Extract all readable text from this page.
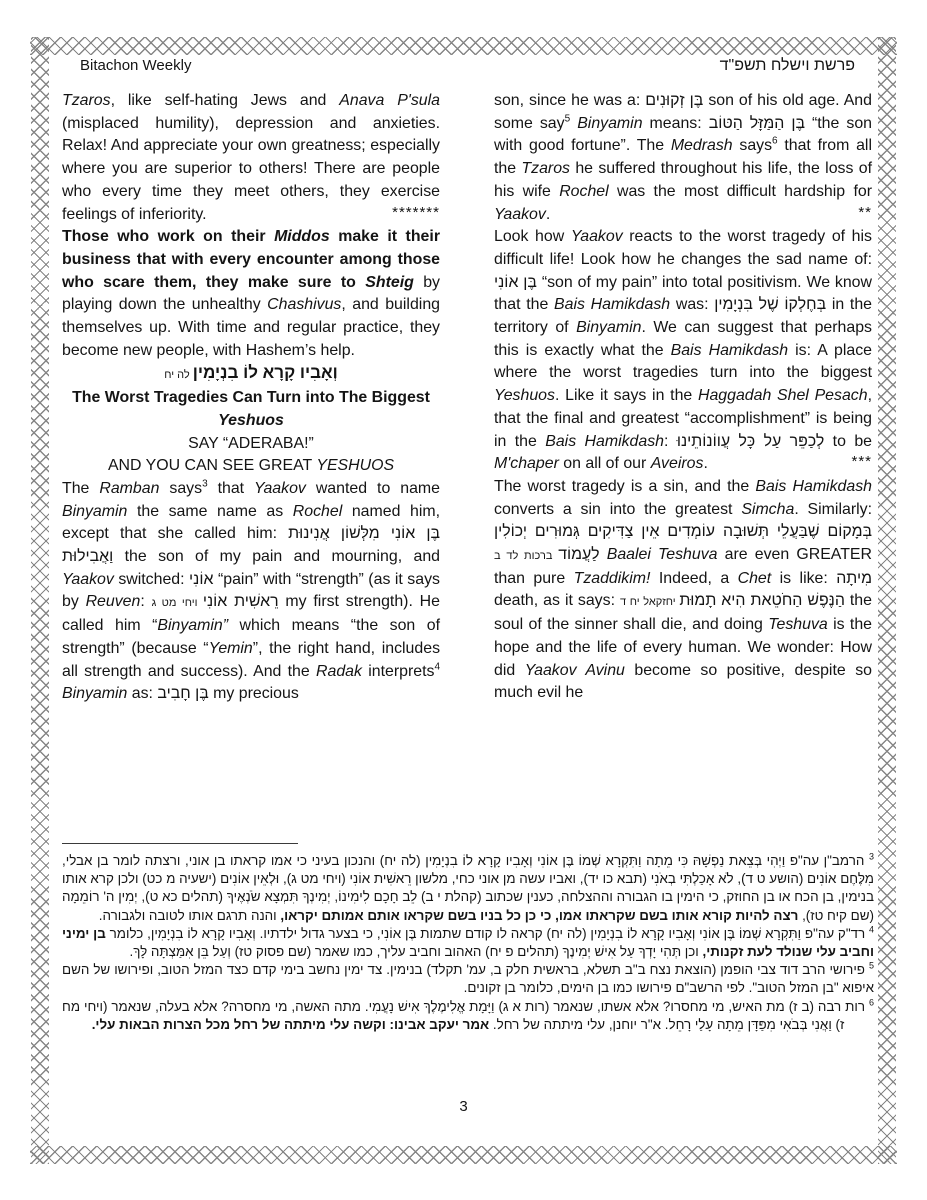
Bitachon Weekly	פרשת וישלח תשפ"ד

Tzaros, like self-hating Jews and Anava P'sula (misplaced humility), depression and anxieties. Relax! And appreciate your own greatness; especially where you are superior to others! There are people who every time they meet others, they exercise feelings of inferiority.	*******

Those who work on their Middos make it their business that with every encounter among those who scare them, they make sure to Shteig by playing down the unhealthy Chashivus, and building themselves up. With time and regular practice, they become new people, with Hashem’s help.

וְאָבִיו קָרָא לוֹ בִנְיָמִין לה יח

The Worst Tragedies Can Turn into The Biggest Yeshuos

SAY “ADERABA!”

AND YOU CAN SEE GREAT YESHUOS

The Ramban says$^3$ that Yaakov wanted to name Binyamin the same name as Rochel named him, except that she called him: בֶּן אוֹנִי מִלְּשׁוֹן אֲנִינוּת וַאֲבִילוּת the son of my pain and mourning, and Yaakov switched: אוֹנִי “pain” with “strength” (as it says by Reuven:	רֵאשִׁית אוֹנִי ויחי מט ג	my first strength). He called him “Binyamin” which means “the son of strength” (because “Yemin”, the right hand, includes all strength and success). And the Radak interprets$^4$ Binyamin as: בֶּן חָבִיב my precious

son, since he was a: בֶּן זְקוּנִים son of his old age. And some say$^5$ Binyamin means: בֶּן הַמַּזָּל הַטּוֹב “the son with good fortune”. The Medrash says$^6$ that from all the Tzaros he suffered throughout his life, the loss of his wife Rochel was the most difficult hardship for Yaakov.	**

Look how Yaakov reacts to the worst tragedy of his difficult life! Look how he changes the sad name of: בֶּן אוֹנִי “son of my pain” into total positivism. We know that the Bais Hamikdash was: בְּחֶלְקוֹ שֶׁל בִּנְיָמִין in the territory of Binyamin. We can suggest that perhaps this is exactly what the Bais Hamikdash is: A place where the worst tragedies turn into the biggest Yeshuos. Like it says in the Haggadah Shel Pesach, that the final and greatest “accomplishment” is being in the Bais Hamikdash: לְכַפֵּר עַל כָּל עֲווֹנוֹתֵינוּ to be M'chaper on all of our Aveiros.	***

The worst tragedy is a sin, and the Bais Hamikdash converts a sin into the greatest Simcha. Similarly: בְּמָקוֹם שֶׁבַּעֲלֵי תְּשׁוּבָה עוֹמְדִים אֵין צַדִּיקִים גְּמוּרִים יְכוֹלִין לַעֲמוֹד ברכות לד ב	Baalei Teshuva are even GREATER than pure Tzaddikim! Indeed, a Chet is like: מִיתָה death, as it says:	הַנֶּפֶשׁ הַחֹטֵאת הִיא תָמוּת יחזקאל יח ד	the soul of the sinner shall die, and doing Teshuva is the hope and the life of every human. We wonder: How did Yaakov Avinu become so positive, despite so much evil he

$^3$ הרמב"ן עה"פ וַיְהִי בְּצֵאת נַפְשָׁהּ כִּי מֵתָה וַתִּקְרָא שְׁמוֹ בֶּן אוֹנִי וְאָבִיו קָרָא לוֹ בִנְיָמִין (לה יח) והנכון בעיני כי אמו קראתו בן אוני, ורצתה לומר בן אבלי, מִלֶּחֶם אוֹנִים (הושע ט ד), לֹא אָכַלְתִּי בְאֹנִי (תבא כו יד), ואביו עשה מן אוני כחי, מלשון רֵאשִׁית אוֹנִי (ויחי מט ג), וּלְאֵין אוֹנִים (ישעיה מ כט) ולכן קרא אותו בנימין, בן הכח או בן החוזק, כי הימין בו הגבורה וההצלחה, כענין שכתוב (קהלת י ב) לֵב חָכָם לִימִינוֹ, יְמִינְךָ תִּמְצָא שֹׂנְאֶיךָ (תהלים כא ט), יְמִין ה' רוֹמֵמָה (שם קיח טז), רצה להיות קורא אותו בשם שקראתו אמו, כי כן כל בניו בשם שקראו אותם אמותם יקראו, והנה תרגם אותו לטובה ולגבורה.

$^4$ רד"ק עה"פ וַתִּקְרָא שְׁמוֹ בֶּן אוֹנִי וְאָבִיו קָרָא לוֹ בִנְיָמִין (לה יח) קראה לו קודם שתמות בֶּן אוֹנִי, כי בצער גדול ילדתיו. וְאָבִיו קָרָא לוֹ בִנְיָמִין, כלומר בן ימיני וחביב עלי שנולד לעת זקנותי, וכן תְּהִי יָדְךָ עַל אִישׁ יְמִינֶךָ (תהלים פ יח) האהוב וחביב עליך, כמו שאמר (שם פסוק טז) וְעַל בֵּן אִמַּצְתָּה לָּךְ.

$^5$ פירושי הרב דוד צבי הופמן (הוצאת נצח ב"ב תשלא, בראשית חלק ב, עמ' תקלד) בנימין. צד ימין נחשב בימי קדם כצד המזל הטוב, ופירושו של השם איפוא "בן המזל הטוב". לפי הרשב"ם פירושו כמו בן הימים, כלומר בן זקונים.

$^6$ רות רבה (ב ז) מת האיש, מי מחסרו? אלא אשתו, שנאמר (רות א ג) וַיָּמָת אֱלִימֶלֶךְ אִישׁ נָעֳמִי. מתה האשה, מי מחסרה? אלא בעלה, שנאמר (ויחי מח ז) וַאֲנִי בְּבֹאִי מִפַּדָּן מֵתָה עָלַי רָחֵל. א"ר יוחנן, עלי מיתתה של רחל. אמר יעקב אבינו: וקשה עלי מיתתה של רחל מכל הצרות הבאות עלי.

3
